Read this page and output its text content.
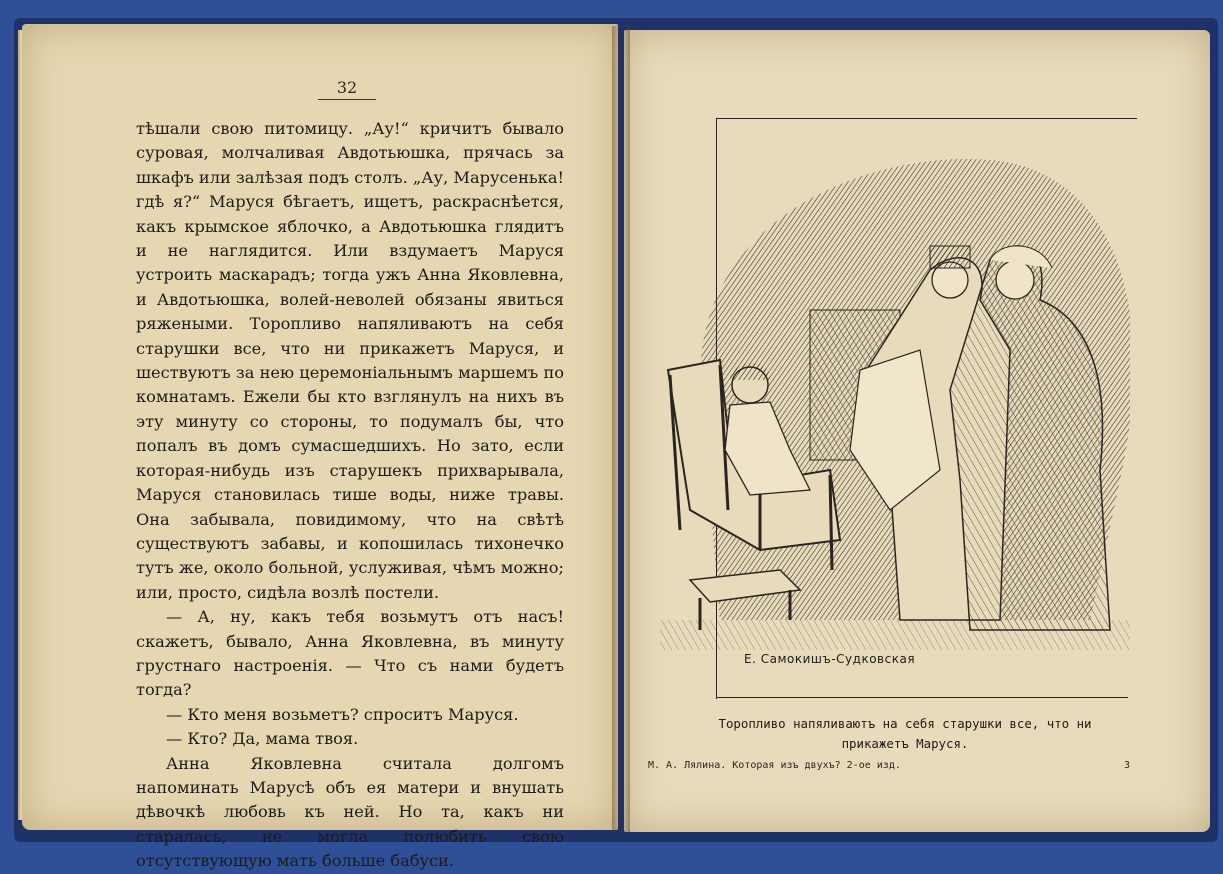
32

тѣшали свою питомицу. „Ау!“ кричитъ бывало суровая, молчаливая Авдотьюшка, прячась за шкафъ или залѣзая подъ столъ. „Ау, Марусенька! гдѣ я?“ Маруся бѣгаетъ, ищетъ, раскраснѣется, какъ крымское яблочко, а Авдотьюшка глядитъ и не наглядится. Или вздумаетъ Маруся устроить маскарадъ; тогда ужъ Анна Яковлевна, и Авдотьюшка, волей-неволей обязаны явиться ряжеными. Торопливо напяливаютъ на себя старушки все, что ни прикажетъ Маруся, и шествуютъ за нею церемоніальнымъ маршемъ по комнатамъ. Ежели бы кто взглянулъ на нихъ въ эту минуту со стороны, то подумалъ бы, что попалъ въ домъ сумасшедшихъ. Но зато, если которая-нибудь изъ старушекъ прихварывала, Маруся становилась тише воды, ниже травы. Она забывала, повидимому, что на свѣтѣ существуютъ забавы, и копошилась тихонечко тутъ же, около больной, услуживая, чѣмъ можно; или, просто, сидѣла возлѣ постели.

— А, ну, какъ тебя возьмутъ отъ насъ! скажетъ, бывало, Анна Яковлевна, въ минуту грустнаго настроенія. — Что съ нами будетъ тогда?

— Кто меня возьметъ? спроситъ Маруся.

— Кто? Да, мама твоя.

Анна Яковлевна считала долгомъ напоминать Марусѣ объ ея матери и внушать дѣвочкѣ любовь къ ней. Но та, какъ ни старалась, не могла полюбить свою отсутствующую мать больше бабуси.

Е. Самокишъ-Судковская
Торопливо напяливаютъ на себя старушки все, что ни прикажетъ Маруся.
М. А. Лялина. Которая изъ двухъ? 2-ое изд.	3
